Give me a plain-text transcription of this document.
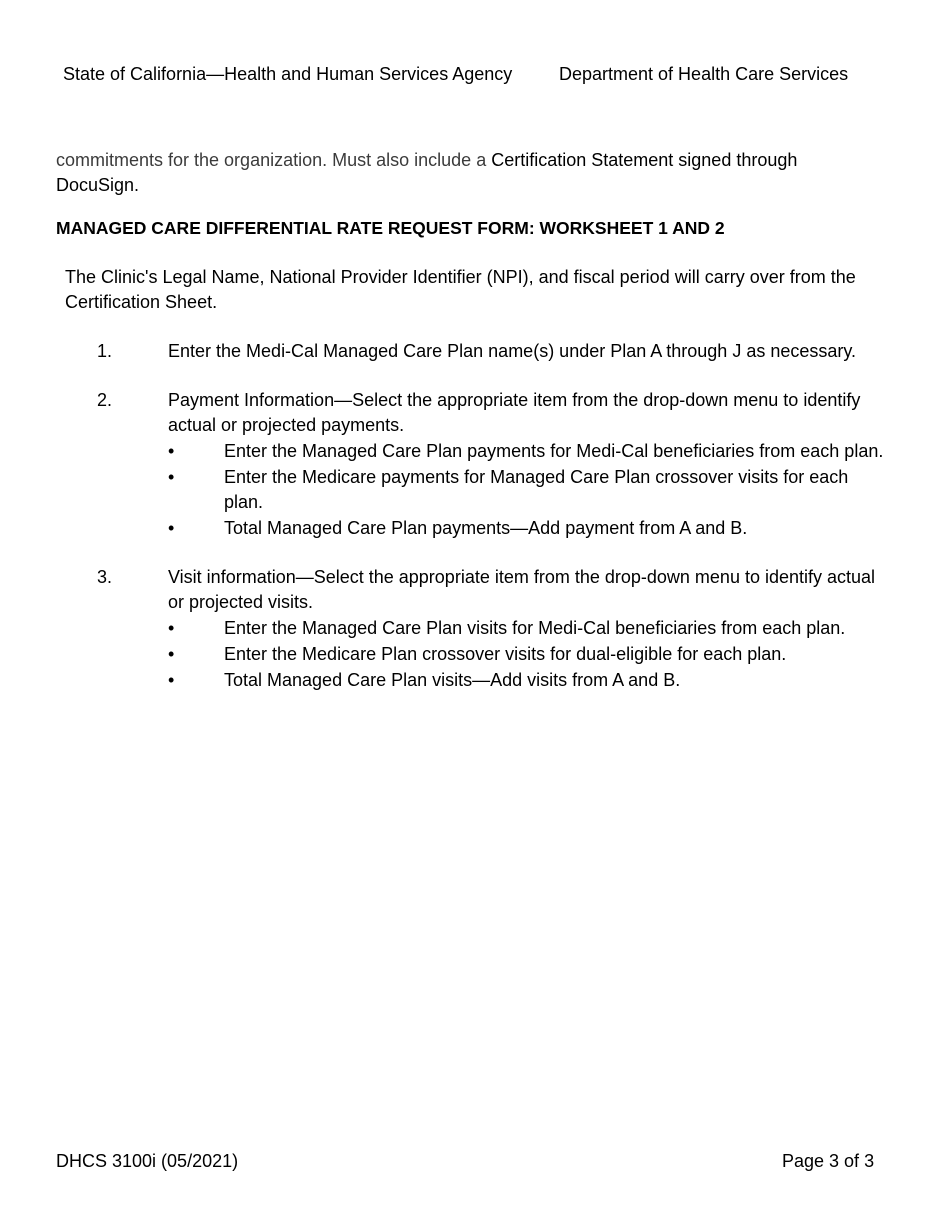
State of California—Health and Human Services Agency	Department of Health Care Services
commitments for the organization. Must also include a Certification Statement signed through DocuSign.
MANAGED CARE DIFFERENTIAL RATE REQUEST FORM: WORKSHEET 1 AND 2
The Clinic's Legal Name, National Provider Identifier (NPI), and fiscal period will carry over from the Certification Sheet.
1.	Enter the Medi-Cal Managed Care Plan name(s) under Plan A through J as necessary.
2.	Payment Information—Select the appropriate item from the drop-down menu to identify actual or projected payments.
•	Enter the Managed Care Plan payments for Medi-Cal beneficiaries from each plan.
•	Enter the Medicare payments for Managed Care Plan crossover visits for each plan.
•	Total Managed Care Plan payments—Add payment from A and B.
3.	Visit information—Select the appropriate item from the drop-down menu to identify actual or projected visits.
•	Enter the Managed Care Plan visits for Medi-Cal beneficiaries from each plan.
•	Enter the Medicare Plan crossover visits for dual-eligible for each plan.
•	Total Managed Care Plan visits—Add visits from A and B.
DHCS 3100i (05/2021)	Page 3 of 3
